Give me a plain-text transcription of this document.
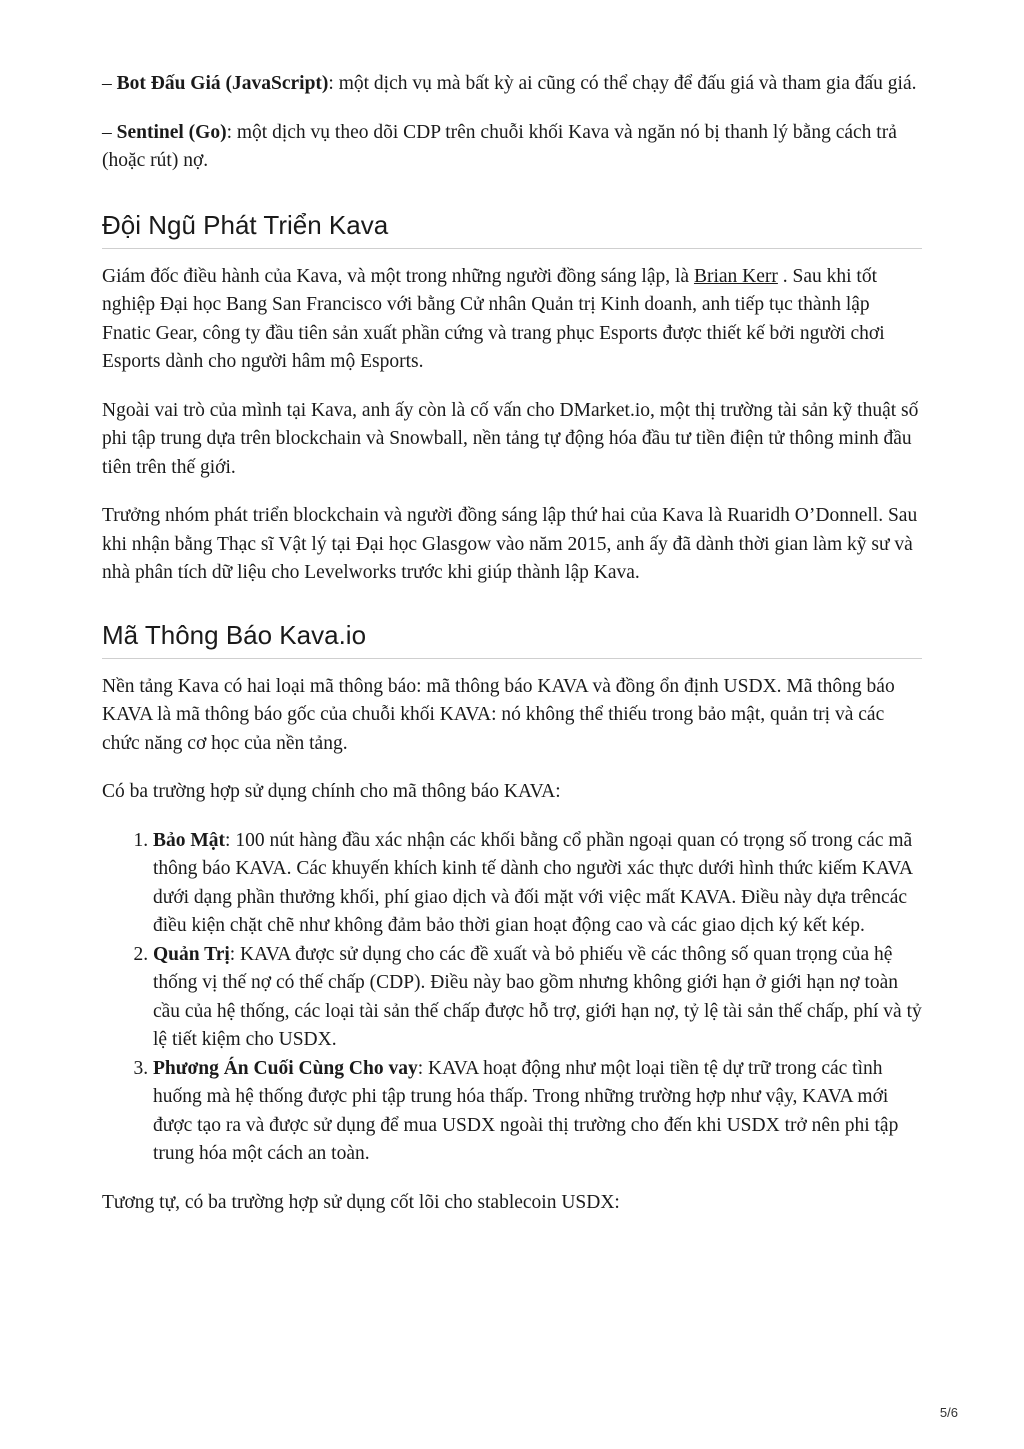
– Bot Đấu Giá (JavaScript): một dịch vụ mà bất kỳ ai cũng có thể chạy để đấu giá và tham gia đấu giá.

– Sentinel (Go): một dịch vụ theo dõi CDP trên chuỗi khối Kava và ngăn nó bị thanh lý bằng cách trả (hoặc rút) nợ.

Đội Ngũ Phát Triển Kava

Giám đốc điều hành của Kava, và một trong những người đồng sáng lập, là Brian Kerr . Sau khi tốt nghiệp Đại học Bang San Francisco với bằng Cử nhân Quản trị Kinh doanh, anh tiếp tục thành lập Fnatic Gear, công ty đầu tiên sản xuất phần cứng và trang phục Esports được thiết kế bởi người chơi Esports dành cho người hâm mộ Esports.

Ngoài vai trò của mình tại Kava, anh ấy còn là cố vấn cho DMarket.io, một thị trường tài sản kỹ thuật số phi tập trung dựa trên blockchain và Snowball, nền tảng tự động hóa đầu tư tiền điện tử thông minh đầu tiên trên thế giới.

Trưởng nhóm phát triển blockchain và người đồng sáng lập thứ hai của Kava là Ruaridh O’Donnell. Sau khi nhận bằng Thạc sĩ Vật lý tại Đại học Glasgow vào năm 2015, anh ấy đã dành thời gian làm kỹ sư và nhà phân tích dữ liệu cho Levelworks trước khi giúp thành lập Kava.

Mã Thông Báo Kava.io

Nền tảng Kava có hai loại mã thông báo: mã thông báo KAVA và đồng ổn định USDX. Mã thông báo KAVA là mã thông báo gốc của chuỗi khối KAVA: nó không thể thiếu trong bảo mật, quản trị và các chức năng cơ học của nền tảng.

Có ba trường hợp sử dụng chính cho mã thông báo KAVA:

1. Bảo Mật: 100 nút hàng đầu xác nhận các khối bằng cổ phần ngoại quan có trọng số trong các mã thông báo KAVA. Các khuyến khích kinh tế dành cho người xác thực dưới hình thức kiếm KAVA dưới dạng phần thưởng khối, phí giao dịch và đối mặt với việc mất KAVA. Điều này dựa trêncác điều kiện chặt chẽ như không đảm bảo thời gian hoạt động cao và các giao dịch ký kết kép.
2. Quản Trị: KAVA được sử dụng cho các đề xuất và bỏ phiếu về các thông số quan trọng của hệ thống vị thế nợ có thế chấp (CDP). Điều này bao gồm nhưng không giới hạn ở giới hạn nợ toàn cầu của hệ thống, các loại tài sản thế chấp được hỗ trợ, giới hạn nợ, tỷ lệ tài sản thế chấp, phí và tỷ lệ tiết kiệm cho USDX.
3. Phương Án Cuối Cùng Cho vay: KAVA hoạt động như một loại tiền tệ dự trữ trong các tình huống mà hệ thống được phi tập trung hóa thấp. Trong những trường hợp như vậy, KAVA mới được tạo ra và được sử dụng để mua USDX ngoài thị trường cho đến khi USDX trở nên phi tập trung hóa một cách an toàn.

Tương tự, có ba trường hợp sử dụng cốt lõi cho stablecoin USDX:

5/6
